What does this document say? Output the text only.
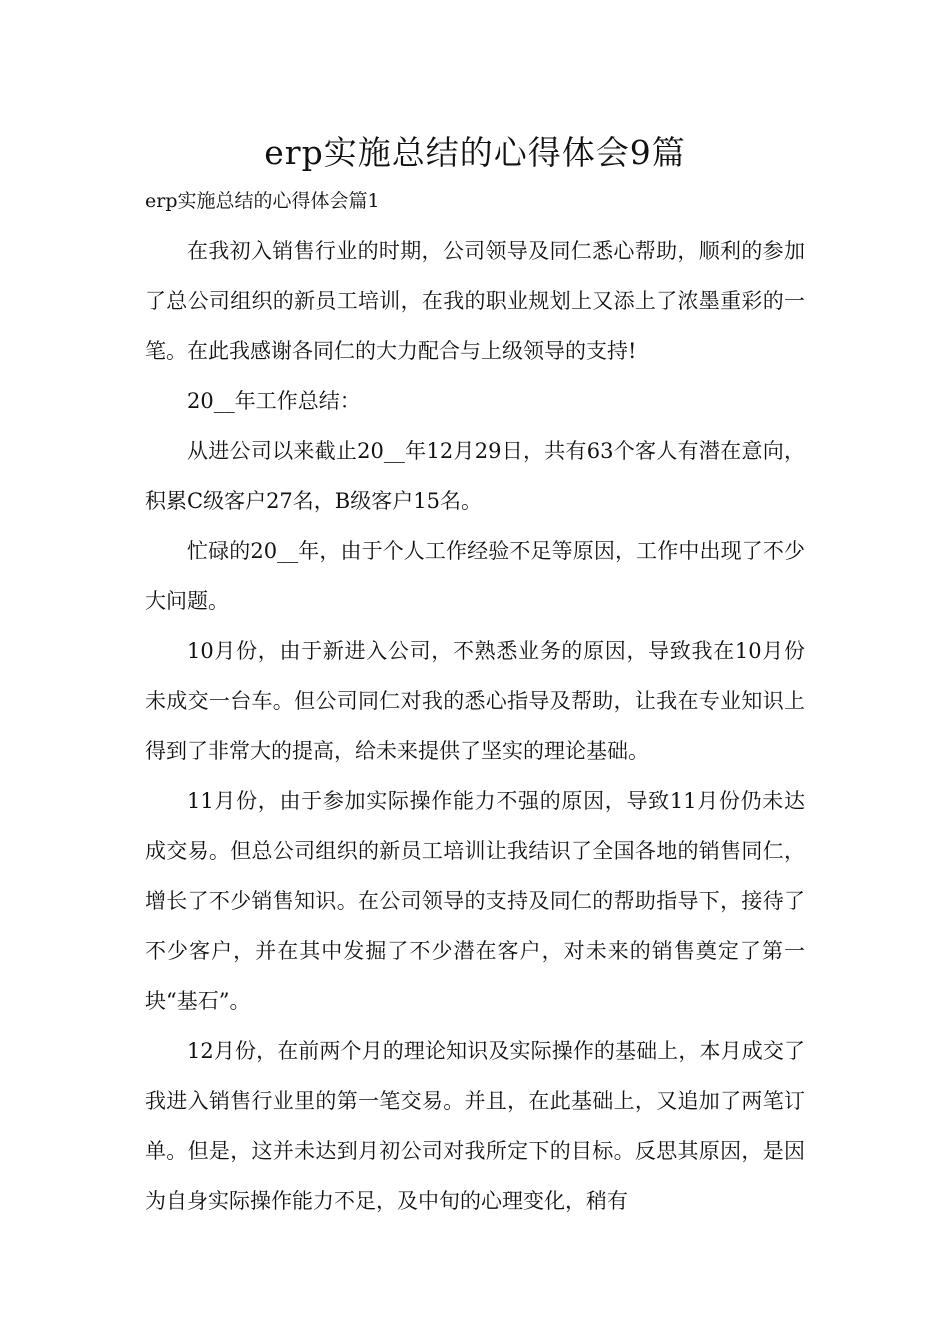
erp实施总结的心得体会9篇
erp实施总结的心得体会篇1

在我初入销售行业的时期，公司领导及同仁悉心帮助，顺利的参加了总公司组织的新员工培训，在我的职业规划上又添上了浓墨重彩的一笔。在此我感谢各同仁的大力配合与上级领导的支持!

20__年工作总结：

从进公司以来截止20__年12月29日，共有63个客人有潜在意向，积累C级客户27名，B级客户15名。

忙碌的20__年，由于个人工作经验不足等原因，工作中出现了不少大问题。

10月份，由于新进入公司，不熟悉业务的原因，导致我在10月份未成交一台车。但公司同仁对我的悉心指导及帮助，让我在专业知识上得到了非常大的提高，给未来提供了坚实的理论基础。

11月份，由于参加实际操作能力不强的原因，导致11月份仍未达成交易。但总公司组织的新员工培训让我结识了全国各地的销售同仁，增长了不少销售知识。在公司领导的支持及同仁的帮助指导下，接待了不少客户，并在其中发掘了不少潜在客户，对未来的销售奠定了第一块“基石”。

12月份，在前两个月的理论知识及实际操作的基础上，本月成交了我进入销售行业里的第一笔交易。并且，在此基础上，又追加了两笔订单。但是，这并未达到月初公司对我所定下的目标。反思其原因，是因为自身实际操作能力不足，及中旬的心理变化，稍有
